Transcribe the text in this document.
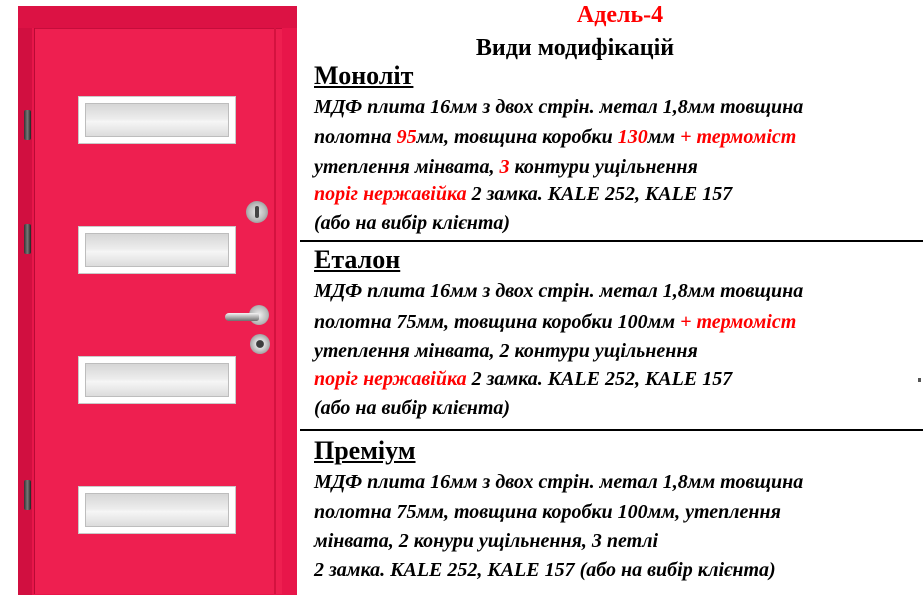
Адель-4
Види модифікацій
Моноліт

МДФ плита 16мм з двох стрін. метал 1,8мм товщина

полотна 95мм, товщина коробки 130мм + термоміст

утеплення мінвата, 3 контури ущільнення

поріг нержавійка 2 замка. KALE 252, KALE 157

(або на вибір клієнта)

Еталон

МДФ плита 16мм з двох стрін. метал 1,8мм товщина

полотна 75мм, товщина коробки 100мм + термоміст

утеплення мінвата, 2 контури ущільнення

поріг нержавійка 2 замка. KALE 252, KALE 157

(або на вибір клієнта)

Преміум

МДФ плита 16мм з двох стрін. метал 1,8мм товщина

полотна 75мм, товщина коробки 100мм, утеплення

мінвата, 2 конури ущільнення, 3 петлі

2 замка. KALE 252, KALE 157 (або на вибір клієнта)
